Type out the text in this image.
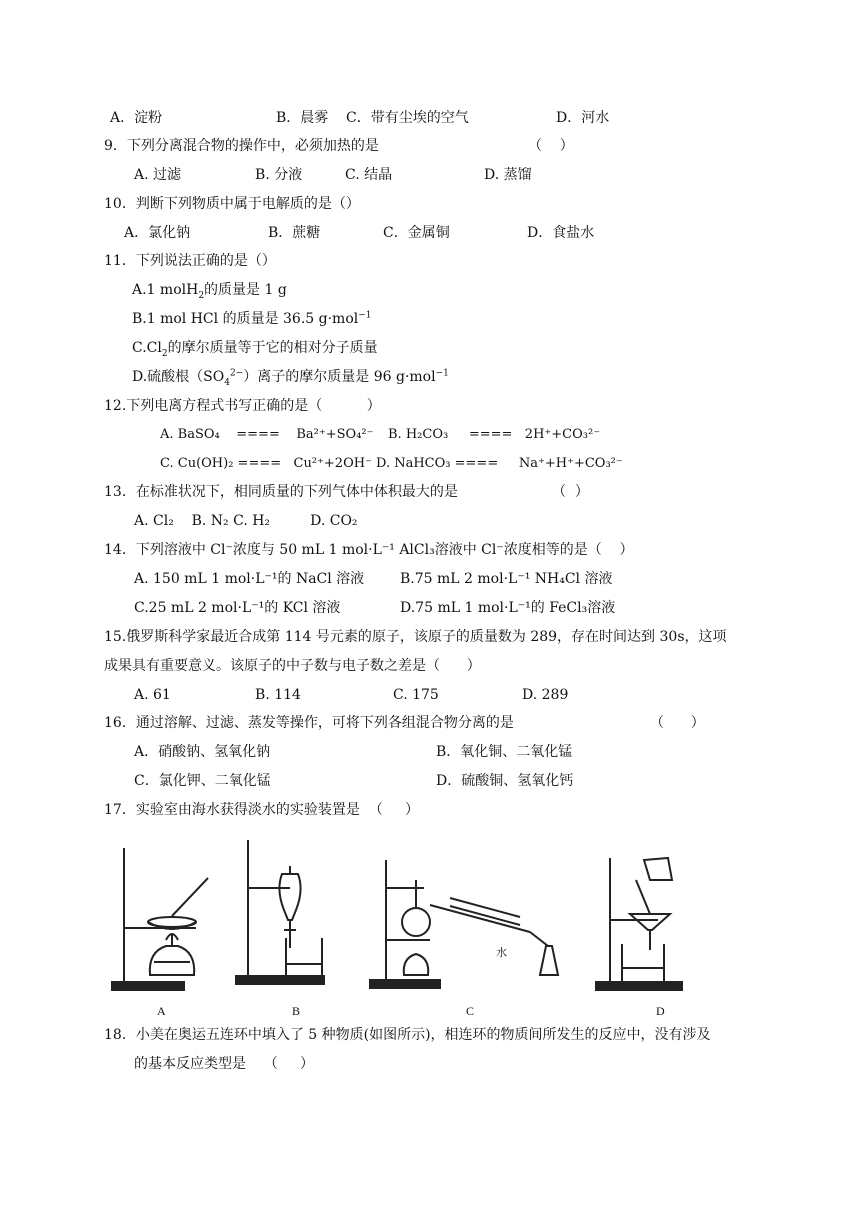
A．淀粉	B．晨雾 C．带有尘埃的空气	D．河水
9．下列分离混合物的操作中，必须加热的是	（    ）
A. 过滤	B. 分液	C. 结晶	D. 蒸馏
10．判断下列物质中属于电解质的是（）
A．氯化钠	B．蔗糖	C．金属铜	D．食盐水
11．下列说法正确的是（）
A.1 molH$_2$的质量是 1 g
B.1 mol HCl 的质量是 36.5 g·mol$^{-1}$
$C.Cl_2$的摩尔质量等于它的相对分子质量
D.硫酸根$(SO_4^{2-})$离子的摩尔质量是 96 g·mol$^{-1}$
12.下列电离方程式书写正确的是（          ）
A. BaSO₄    ====    Ba²⁺+SO₄²⁻ B. H₂CO₃     ====   2H⁺+CO₃²⁻
C. Cu(OH)₂ ====   Cu²⁺+2OH⁻ D. NaHCO₃ ====     Na⁺+H⁺+CO₃²⁻
13．在标准状况下，相同质量的下列气体中体积最大的是	（  ）
A. Cl₂    B. N₂ C. H₂         D. CO₂
14．下列溶液中 Cl⁻浓度与 50 mL 1 mol·L⁻¹ AlCl₃溶液中 Cl⁻浓度相等的是（    ）
A. 150 mL 1 mol·L⁻¹的 NaCl 溶液	B.75 mL 2 mol·L⁻¹ NH₄Cl 溶液
C.25 mL 2 mol·L⁻¹的 KCl 溶液	D.75 mL 1 mol·L⁻¹的 FeCl₃溶液
15.俄罗斯科学家最近合成第 114 号元素的原子，该原子的质量数为 289，存在时间达到 30s，这项
成果具有重要意义。该原子的中子数与电子数之差是（      ）
A. 61	B. 114	C. 175	D. 289
16．通过溶解、过滤、蒸发等操作，可将下列各组混合物分离的是	（      ）
A．硝酸钠、氢氧化钠	B．氧化铜、二氧化锰
C．氯化钾、二氧化锰	D．硫酸铜、氢氧化钙
17．实验室由海水获得淡水的实验装置是  （     ）
A	B	C	D
水
18．小美在奥运五连环中填入了 5 种物质(如图所示)，相连环的物质间所发生的反应中，没有涉及
的基本反应类型是    （     ）
